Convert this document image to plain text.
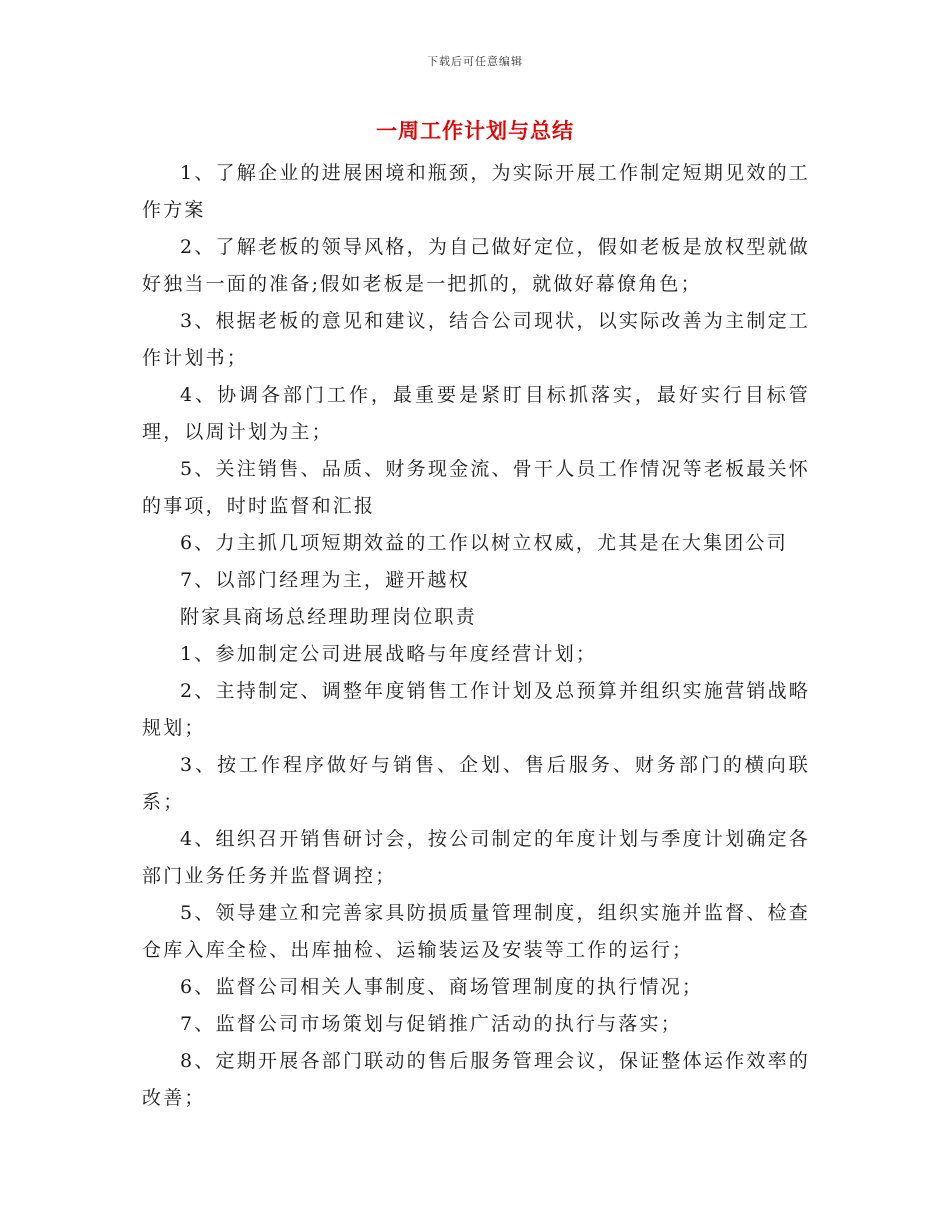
下载后可任意编辑
一周工作计划与总结

1、了解企业的进展困境和瓶颈，为实际开展工作制定短期见效的工作方案

2、了解老板的领导风格，为自己做好定位，假如老板是放权型就做好独当一面的准备;假如老板是一把抓的，就做好幕僚角色；

3、根据老板的意见和建议，结合公司现状，以实际改善为主制定工作计划书；

4、协调各部门工作，最重要是紧盯目标抓落实，最好实行目标管理，以周计划为主；

5、关注销售、品质、财务现金流、骨干人员工作情况等老板最关怀的事项，时时监督和汇报

6、力主抓几项短期效益的工作以树立权威，尤其是在大集团公司

7、以部门经理为主，避开越权

附家具商场总经理助理岗位职责

1、参加制定公司进展战略与年度经营计划；

2、主持制定、调整年度销售工作计划及总预算并组织实施营销战略规划；

3、按工作程序做好与销售、企划、售后服务、财务部门的横向联系；

4、组织召开销售研讨会，按公司制定的年度计划与季度计划确定各部门业务任务并监督调控；

5、领导建立和完善家具防损质量管理制度，组织实施并监督、检查仓库入库全检、出库抽检、运输装运及安装等工作的运行；

6、监督公司相关人事制度、商场管理制度的执行情况；

7、监督公司市场策划与促销推广活动的执行与落实；

8、定期开展各部门联动的售后服务管理会议，保证整体运作效率的改善；
